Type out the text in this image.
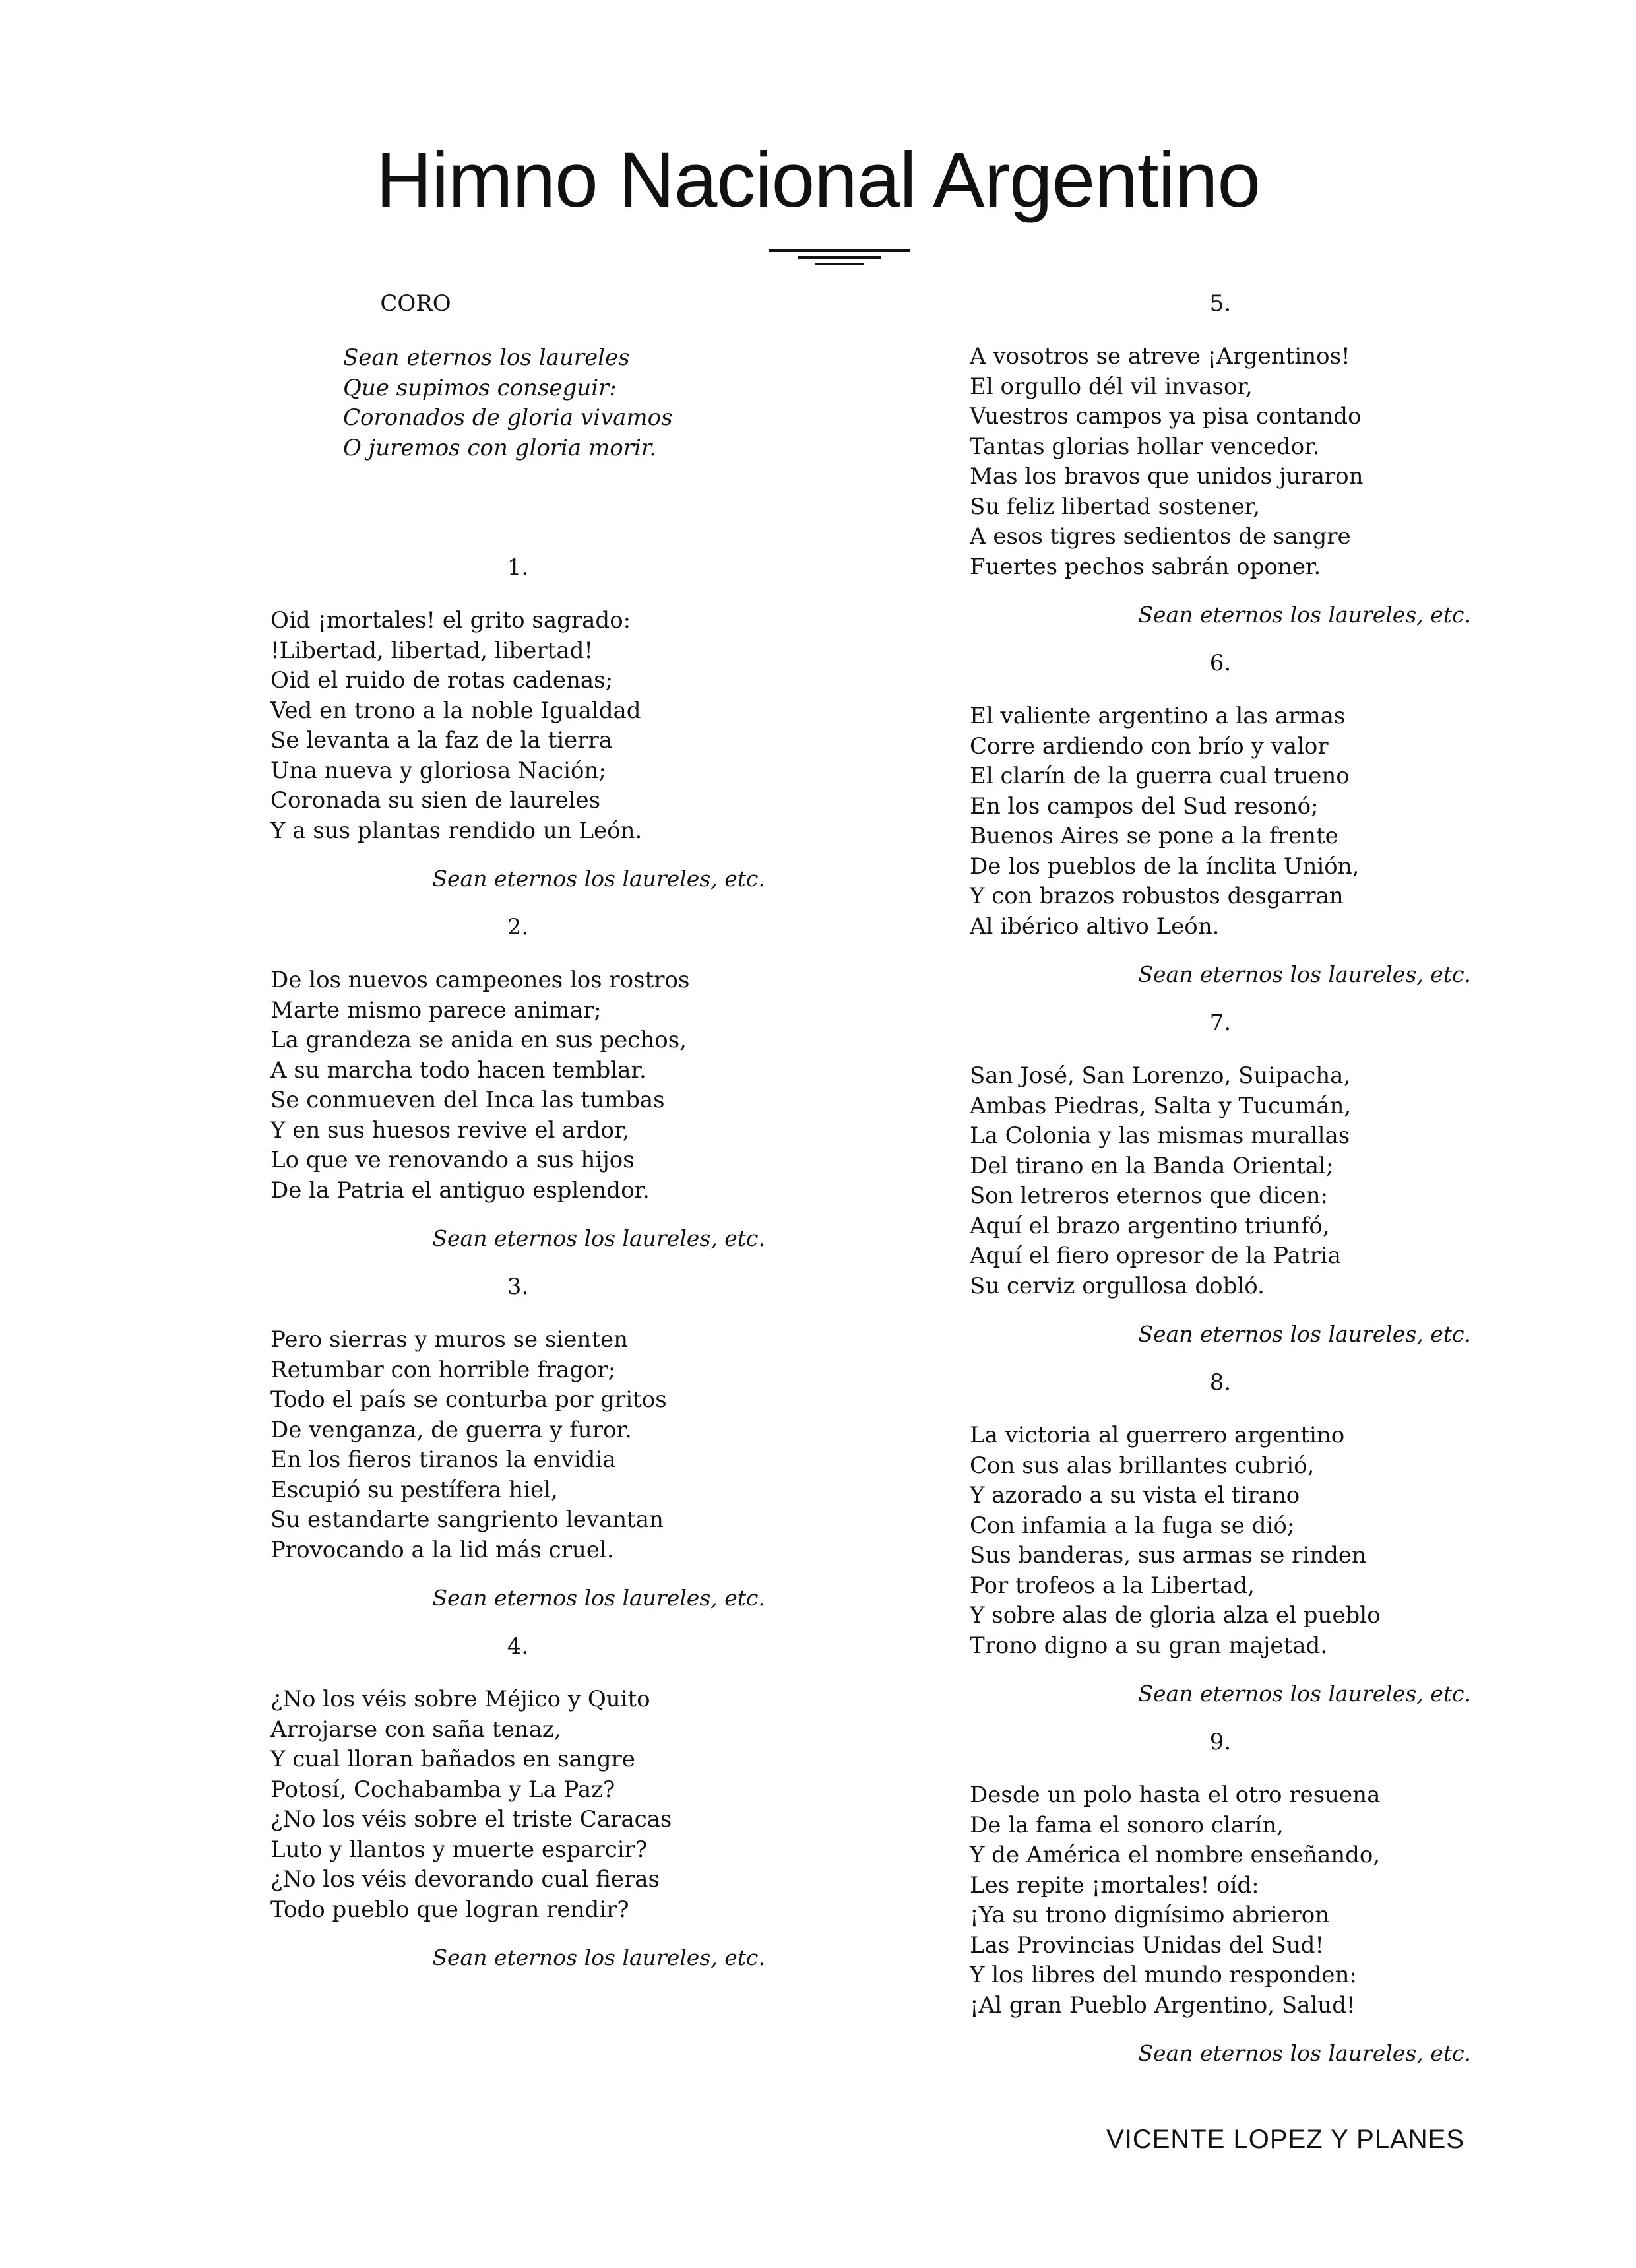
Himno Nacional Argentino
CORO

Sean eternos los laureles

Que supimos conseguir:

Coronados de gloria vivamos

O juremos con gloria morir.

1.

Oid ¡mortales! el grito sagrado:

!Libertad, libertad, libertad!

Oid el ruido de rotas cadenas;

Ved en trono a la noble Igualdad

Se levanta a la faz de la tierra

Una nueva y gloriosa Nación;

Coronada su sien de laureles

Y a sus plantas rendido un León.

Sean eternos los laureles, etc.

2.

De los nuevos campeones los rostros

Marte mismo parece animar;

La grandeza se anida en sus pechos,

A su marcha todo hacen temblar.

Se conmueven del Inca las tumbas

Y en sus huesos revive el ardor,

Lo que ve renovando a sus hijos

De la Patria el antiguo esplendor.

Sean eternos los laureles, etc.

3.

Pero sierras y muros se sienten

Retumbar con horrible fragor;

Todo el país se conturba por gritos

De venganza, de guerra y furor.

En los fieros tiranos la envidia

Escupió su pestífera hiel,

Su estandarte sangriento levantan

Provocando a la lid más cruel.

Sean eternos los laureles, etc.

4.

¿No los véis sobre Méjico y Quito

Arrojarse con saña tenaz,

Y cual lloran bañados en sangre

Potosí, Cochabamba y La Paz?

¿No los véis sobre el triste Caracas

Luto y llantos y muerte esparcir?

¿No los véis devorando cual fieras

Todo pueblo que logran rendir?

Sean eternos los laureles, etc.

5.

A vosotros se atreve ¡Argentinos!

El orgullo dél vil invasor,

Vuestros campos ya pisa contando

Tantas glorias hollar vencedor.

Mas los bravos que unidos juraron

Su feliz libertad sostener,

A esos tigres sedientos de sangre

Fuertes pechos sabrán oponer.

Sean eternos los laureles, etc.

6.

El valiente argentino a las armas

Corre ardiendo con brío y valor

El clarín de la guerra cual trueno

En los campos del Sud resonó;

Buenos Aires se pone a la frente

De los pueblos de la ínclita Unión,

Y con brazos robustos desgarran

Al ibérico altivo León.

Sean eternos los laureles, etc.

7.

San José, San Lorenzo, Suipacha,

Ambas Piedras, Salta y Tucumán,

La Colonia y las mismas murallas

Del tirano en la Banda Oriental;

Son letreros eternos que dicen:

Aquí el brazo argentino triunfó,

Aquí el fiero opresor de la Patria

Su cerviz orgullosa dobló.

Sean eternos los laureles, etc.

8.

La victoria al guerrero argentino

Con sus alas brillantes cubrió,

Y azorado a su vista el tirano

Con infamia a la fuga se dió;

Sus banderas, sus armas se rinden

Por trofeos a la Libertad,

Y sobre alas de gloria alza el pueblo

Trono digno a su gran majetad.

Sean eternos los laureles, etc.

9.

Desde un polo hasta el otro resuena

De la fama el sonoro clarín,

Y de América el nombre enseñando,

Les repite ¡mortales! oíd:

¡Ya su trono dignísimo abrieron

Las Provincias Unidas del Sud!

Y los libres del mundo responden:

¡Al gran Pueblo Argentino, Salud!

Sean eternos los laureles, etc.

VICENTE LOPEZ Y PLANES
